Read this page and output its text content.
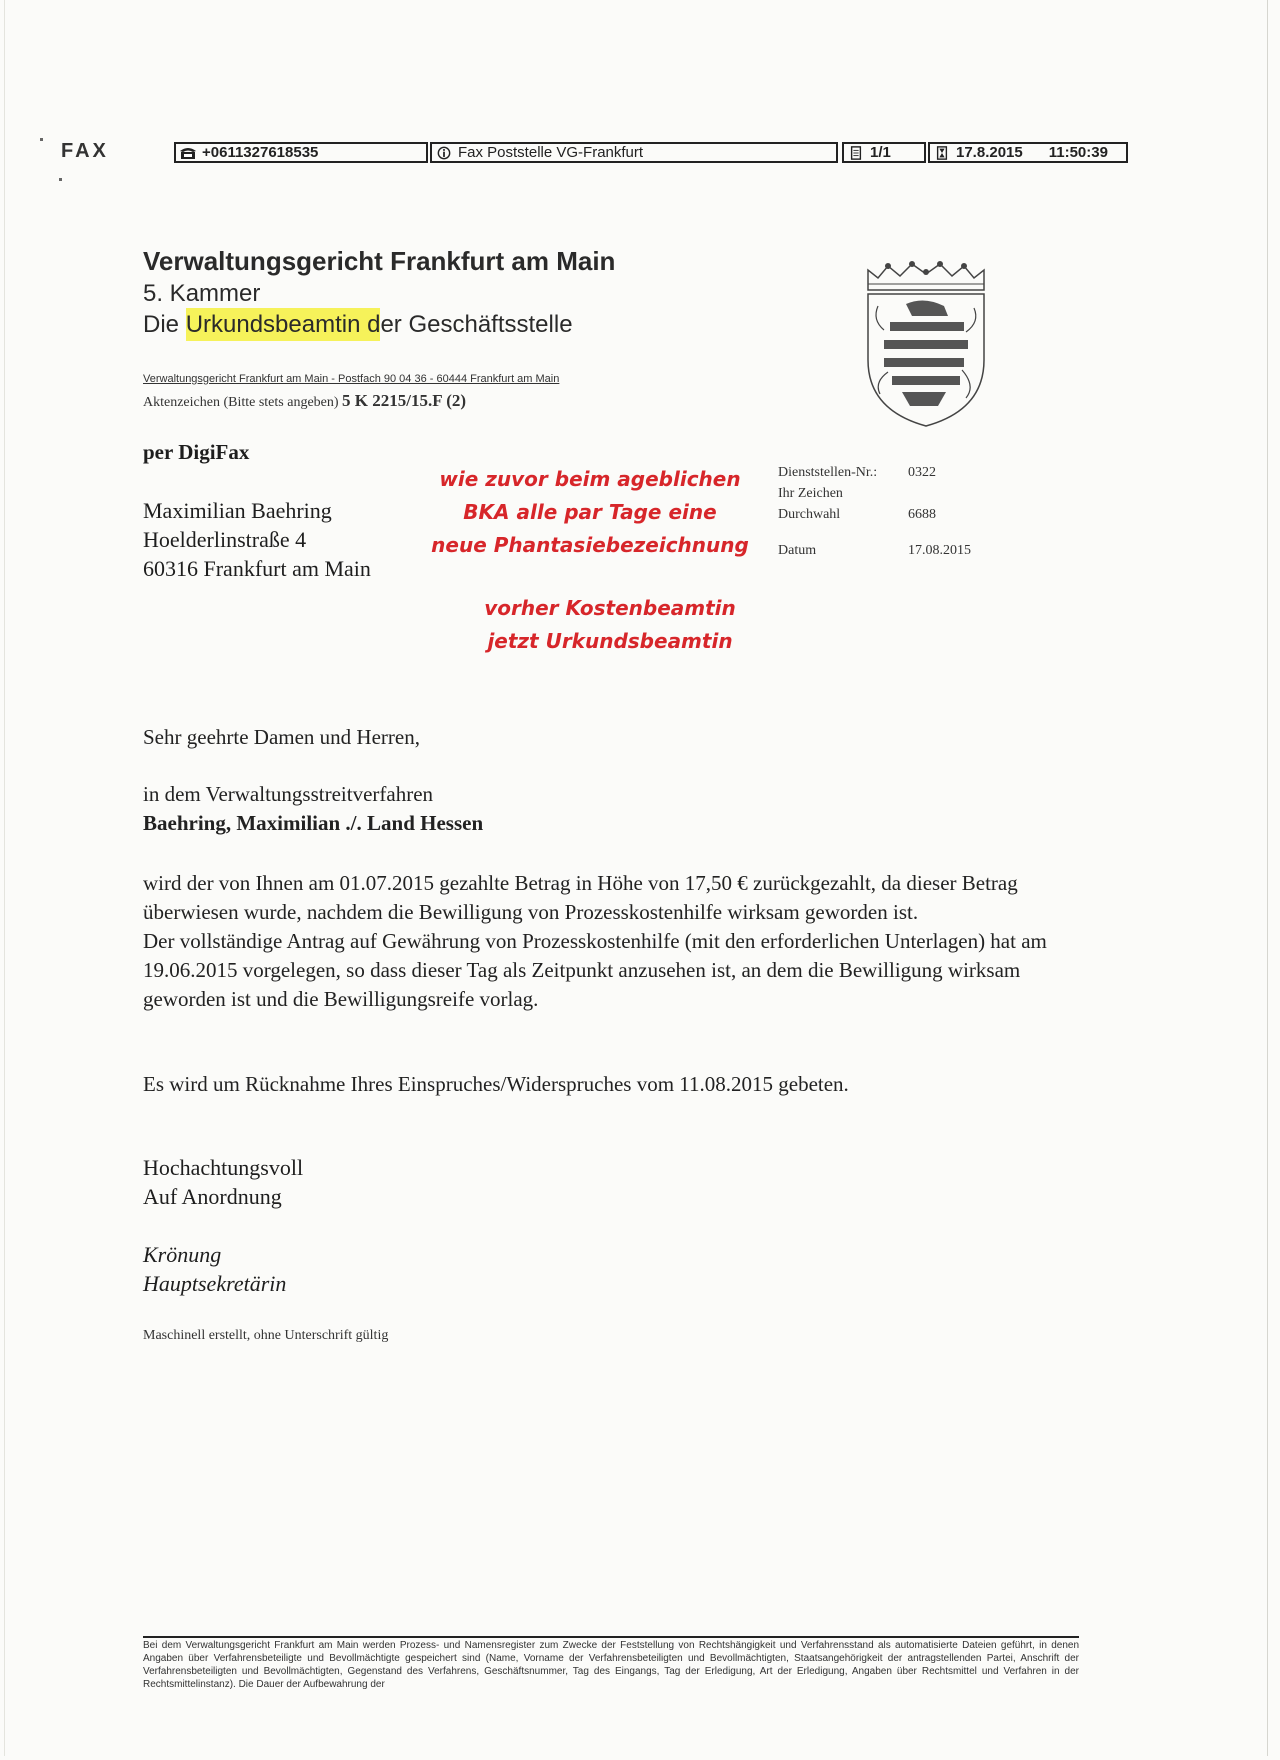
FAX	+0611327618535	Fax Poststelle VG-Frankfurt	1/1	17.8.2015 11:50:39
Verwaltungsgericht Frankfurt am Main
5. Kammer
Die Urkundsbeamtin der Geschäftsstelle
Verwaltungsgericht Frankfurt am Main - Postfach 90 04 36 - 60444 Frankfurt am Main
Aktenzeichen (Bitte stets angeben) 5 K 2215/15.F (2)
per DigiFax
Maximilian Baehring
Hoelderlinstraße 4
60316 Frankfurt am Main
wie zuvor beim ageblichen
BKA alle par Tage eine
neue Phantasiebezeichnung
vorher Kostenbeamtin
jetzt Urkundsbeamtin
Dienststellen-Nr.:	0322
Ihr Zeichen
Durchwahl	6688
Datum	17.08.2015
Sehr geehrte Damen und Herren,
in dem Verwaltungsstreitverfahren
Baehring, Maximilian ./. Land Hessen
wird der von Ihnen am 01.07.2015 gezahlte Betrag in Höhe von 17,50 € zurückgezahlt, da dieser Betrag überwiesen wurde, nachdem die Bewilligung von Prozesskostenhilfe wirksam geworden ist.
Der vollständige Antrag auf Gewährung von Prozesskostenhilfe (mit den erforderlichen Unterlagen) hat am 19.06.2015 vorgelegen, so dass dieser Tag als Zeitpunkt anzusehen ist, an dem die Bewilligung wirksam geworden ist und die Bewilligungsreife vorlag.
Es wird um Rücknahme Ihres Einspruches/Widerspruches vom 11.08.2015 gebeten.
Hochachtungsvoll
Auf Anordnung
Krönung
Hauptsekretärin
Maschinell erstellt, ohne Unterschrift gültig
Bei dem Verwaltungsgericht Frankfurt am Main werden Prozess- und Namensregister zum Zwecke der Feststellung von Rechtshängigkeit und Verfahrensstand als automatisierte Dateien geführt, in denen Angaben über Verfahrensbeteiligte und Bevollmächtigte gespeichert sind (Name, Vorname der Verfahrensbeteiligten und Bevollmächtigten, Staatsangehörigkeit der antragstellenden Partei, Anschrift der Verfahrensbeteiligten und Bevollmächtigten, Gegenstand des Verfahrens, Geschäftsnummer, Tag des Eingangs, Tag der Erledigung, Art der Erledigung, Angaben über Rechtsmittel und Verfahren in der Rechtsmittelinstanz). Die Dauer der Aufbewahrung der
